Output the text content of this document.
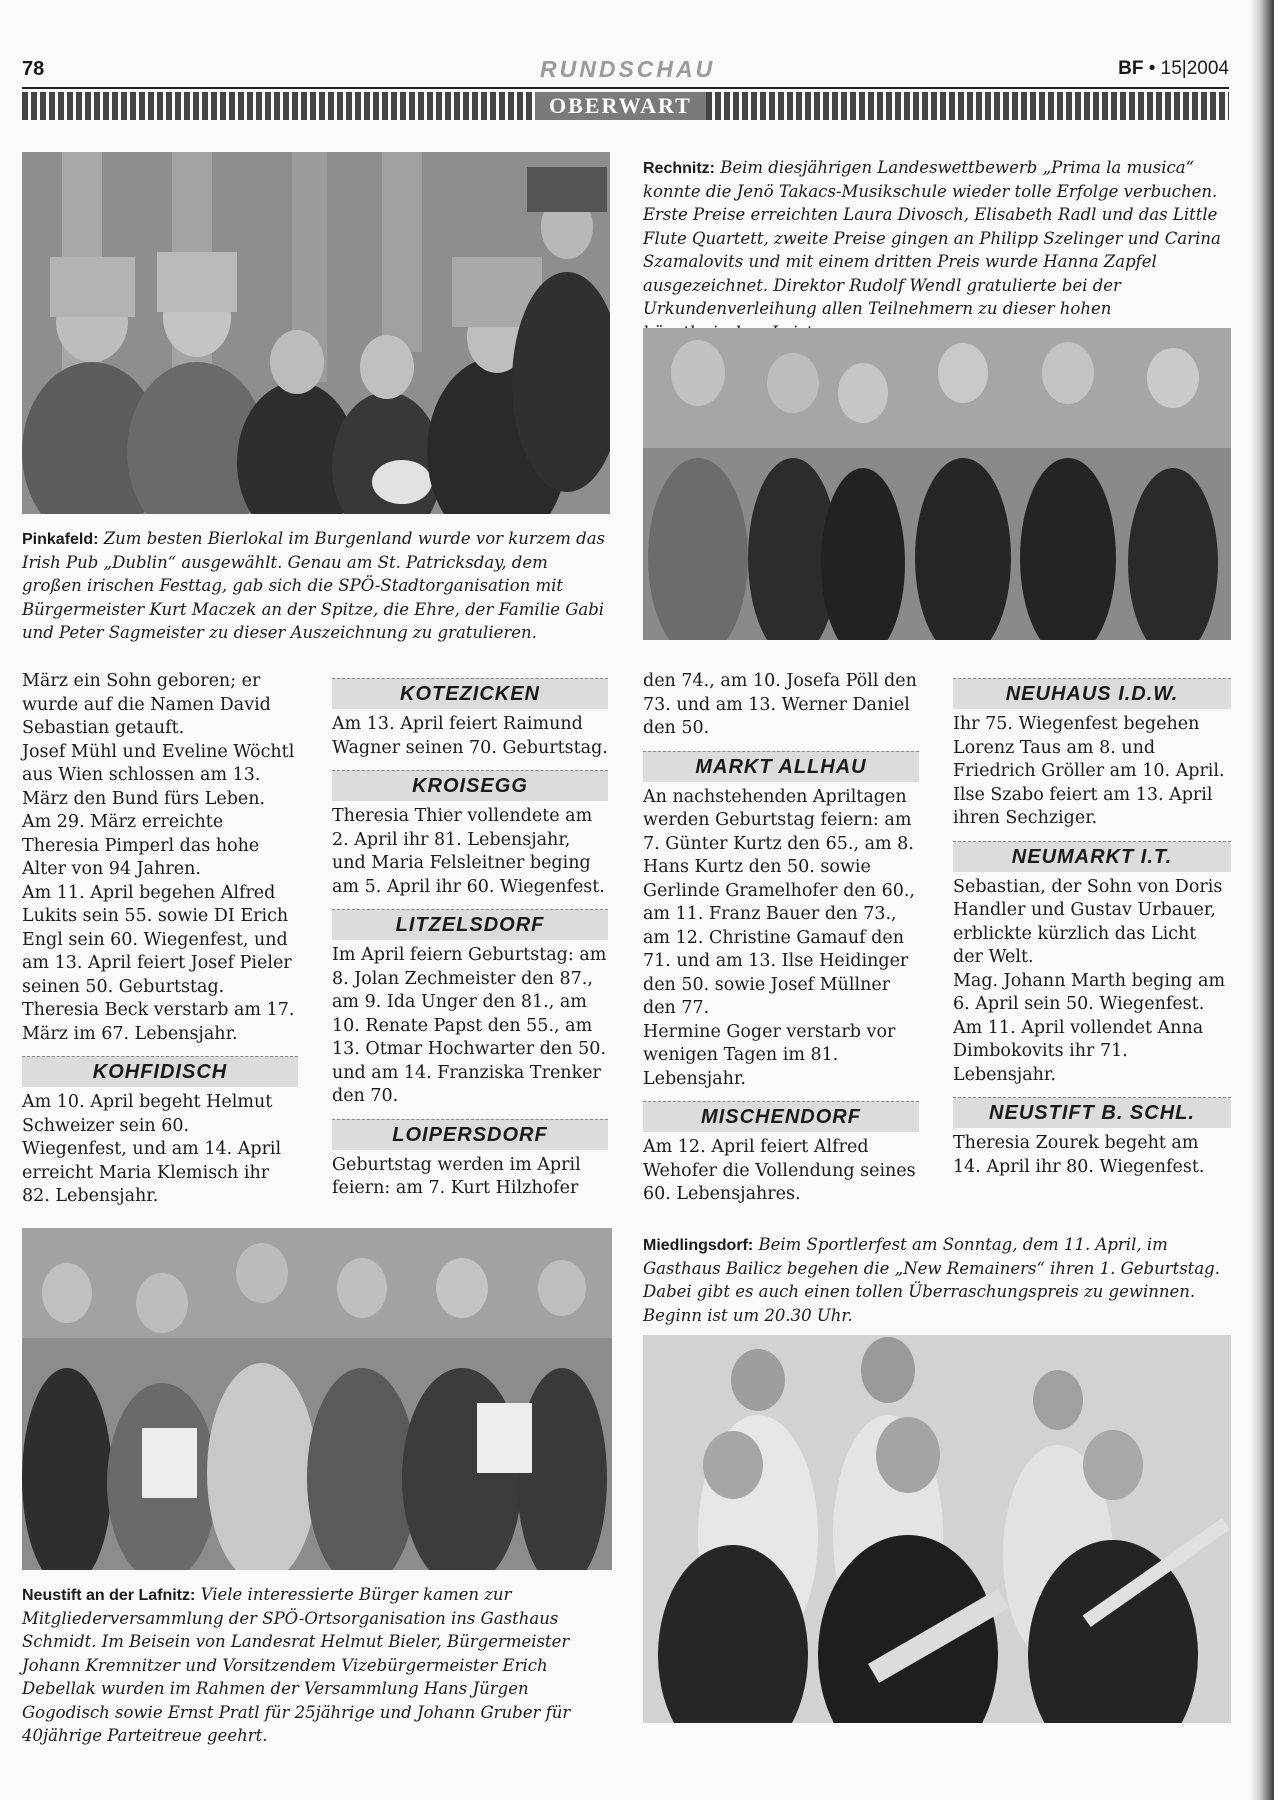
78	RUNDSCHAU	BF • 15|2004
OBERWART
Pinkafeld: Zum besten Bierlokal im Burgenland wurde vor kurzem das Irish Pub „Dublin“ ausgewählt. Genau am St. Patricksday, dem großen irischen Festtag, gab sich die SPÖ-Stadtorganisation mit Bürgermeister Kurt Maczek an der Spitze, die Ehre, der Familie Gabi und Peter Sagmeister zu dieser Auszeichnung zu gratulieren.
Rechnitz: Beim diesjährigen Landeswettbewerb „Prima la musica“ konnte die Jenö Takacs-Musikschule wieder tolle Erfolge verbuchen. Erste Preise erreichten Laura Divosch, Elisabeth Radl und das Little Flute Quartett, zweite Preise gingen an Philipp Szelinger und Carina Szamalovits und mit einem dritten Preis wurde Hanna Zapfel ausgezeichnet. Direktor Rudolf Wendl gratulierte bei der Urkundenverleihung allen Teilnehmern zu dieser hohen

März ein Sohn geboren; er wurde auf die Namen David Sebastian getauft.

Josef Mühl und Eveline Wöchtl aus Wien schlossen am 13. März den Bund fürs Leben.

Am 29. März erreichte Theresia Pimperl das hohe Alter von 94 Jahren.

Am 11. April begehen Alfred Lukits sein 55. sowie DI Erich Engl sein 60. Wiegenfest, und am 13. April feiert Josef Pieler seinen 50. Geburtstag.

Theresia Beck verstarb am 17. März im 67. Lebensjahr.

KOHFIDISCH

Am 10. April begeht Helmut Schweizer sein 60. Wiegenfest, und am 14. April erreicht Maria Klemisch ihr 82. Lebensjahr.

KOTEZICKEN

Am 13. April feiert Raimund Wagner seinen 70. Geburtstag.

KROISEGG

Theresia Thier vollendete am 2. April ihr 81. Lebensjahr, und Maria Felsleitner beging am 5. April ihr 60. Wiegenfest.

LITZELSDORF

Im April feiern Geburtstag: am 8. Jolan Zechmeister den 87., am 9. Ida Unger den 81., am 10. Renate Papst den 55., am 13. Otmar Hochwarter den 50. und am 14. Franziska Trenker den 70.

LOIPERSDORF

Geburtstag werden im April feiern: am 7. Kurt Hilzhofer

den 74., am 10. Josefa Pöll den 73. und am 13. Werner Daniel den 50.

MARKT ALLHAU

An nachstehenden Apriltagen werden Geburtstag feiern: am 7. Günter Kurtz den 65., am 8. Hans Kurtz den 50. sowie Gerlinde Gramelhofer den 60., am 11. Franz Bauer den 73., am 12. Christine Gamauf den 71. und am 13. Ilse Heidinger den 50. sowie Josef Müllner den 77.

Hermine Goger verstarb vor wenigen Tagen im 81. Lebensjahr.

MISCHENDORF

Am 12. April feiert Alfred Wehofer die Vollendung seines 60. Lebensjahres.

NEUHAUS I.D.W.

Ihr 75. Wiegenfest begehen Lorenz Taus am 8. und Friedrich Gröller am 10. April. Ilse Szabo feiert am 13. April ihren Sechziger.

NEUMARKT I.T.

Sebastian, der Sohn von Doris Handler und Gustav Urbauer, erblickte kürzlich das Licht der Welt.

Mag. Johann Marth beging am 6. April sein 50. Wiegenfest.

Am 11. April vollendet Anna Dimbokovits ihr 71. Lebensjahr.

NEUSTIFT B. SCHL.

Theresia Zourek begeht am 14. April ihr 80. Wiegenfest.

Neustift an der Lafnitz: Viele interessierte Bürger kamen zur Mitgliederversammlung der SPÖ-Ortsorganisation ins Gasthaus Schmidt. Im Beisein von Landesrat Helmut Bieler, Bürgermeister Johann Kremnitzer und Vorsitzendem Vizebürgermeister Erich Debellak wurden im Rahmen der Versammlung Hans Jürgen Gogodisch sowie Ernst Pratl für 25jährige und Johann Gruber für 40jährige Parteitreue geehrt.
Miedlingsdorf: Beim Sportlerfest am Sonntag, dem 11. April, im Gasthaus Bailicz begehen die „New Remainers“ ihren 1. Geburtstag. Dabei gibt es auch einen tollen Überraschungspreis zu gewinnen. Beginn ist um 20.30 Uhr.
